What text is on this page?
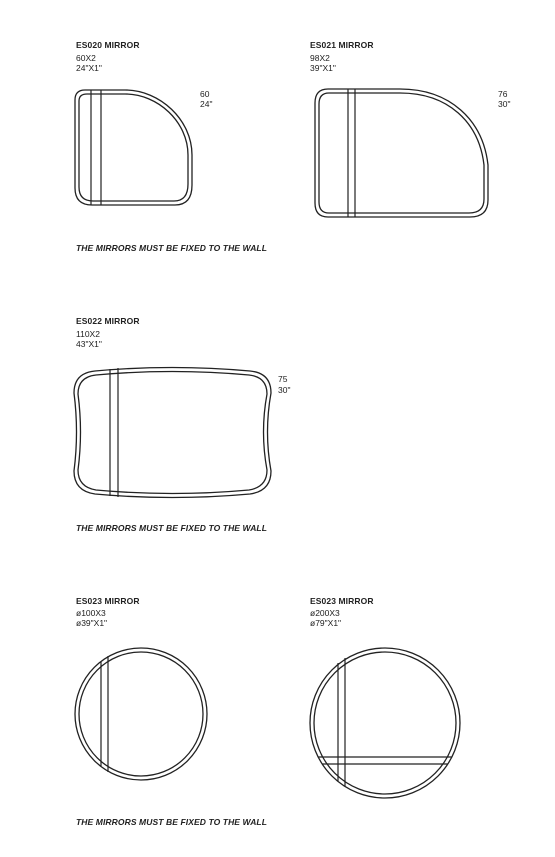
ES020 MIRROR
60X2
24"X1"
60
24"
ES021 MIRROR
98X2
39"X1"
76
30"
THE MIRRORS MUST BE FIXED TO THE WALL
ES022 MIRROR
110X2
43"X1"
75
30"
THE MIRRORS MUST BE FIXED TO THE WALL
ES023 MIRROR
ø100X3
ø39"X1"
ES023 MIRROR
ø200X3
ø79"X1"
THE MIRRORS MUST BE FIXED TO THE WALL
